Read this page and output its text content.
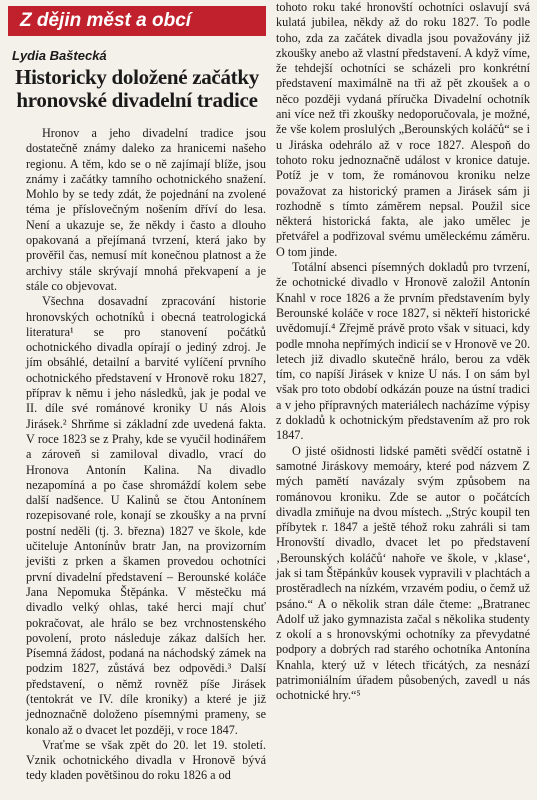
Z dějin měst a obcí
Lydia Baštecká
Historicky doložené začátky hronovské divadelní tradice

Hronov a jeho divadelní tradice jsou dostatečně známy daleko za hranicemi našeho regionu. A těm, kdo se o ně zajímají blíže, jsou známy i začátky tamního ochotnického snažení. Mohlo by se tedy zdát, že pojednání na zvolené téma je příslovečným nošením dříví do lesa. Není a ukazuje se, že někdy i často a dlouho opakovaná a přejímaná tvrzení, která jako by prověřil čas, nemusí mít konečnou platnost a že archivy stále skrývají mnohá překvapení a je stále co objevovat.

Všechna dosavadní zpracování historie hronovských ochotníků i obecná teatrologická literatura¹ se pro stanovení počátků ochotnického divadla opírají o jediný zdroj. Je jím obsáhlé, detailní a barvité vylíčení prvního ochotnického představení v Hronově roku 1827, příprav k němu i jeho následků, jak je podal ve II. díle své románové kroniky U nás Alois Jirásek.² Shrňme si základní zde uvedená fakta. V roce 1823 se z Prahy, kde se vyučil hodinářem a zároveň si zamiloval divadlo, vrací do Hronova Antonín Kalina. Na divadlo nezapomíná a po čase shromáždí kolem sebe další nadšence. U Kalinů se čtou Antonínem rozepisované role, konají se zkoušky a na první postní neděli (tj. 3. března) 1827 ve škole, kde učiteluje Antonínův bratr Jan, na provizorním jevišti z prken a škamen provedou ochotníci první divadelní představení – Berounské koláče Jana Nepomuka Štěpánka. V městečku má divadlo velký ohlas, také herci mají chuť pokračovat, ale hrálo se bez vrchnostenského povolení, proto následuje zákaz dalších her. Písemná žádost, podaná na náchodský zámek na podzim 1827, zůstává bez odpovědi.³ Další představení, o němž rovněž píše Jirásek (tentokrát ve IV. díle kroniky) a které je již jednoznačně doloženo písemnými prameny, se konalo až o dvacet let později, v roce 1847.

Vraťme se však zpět do 20. let 19. století. Vznik ochotnického divadla v Hronově bývá tedy kladen povětšinou do roku 1826 a od

tohoto roku také hronovští ochotníci oslavují svá kulatá jubilea, někdy až do roku 1827. To podle toho, zda za začátek divadla jsou považovány již zkoušky anebo až vlastní představení. A když víme, že tehdejší ochotníci se scházeli pro konkrétní představení maximálně na tři až pět zkoušek a o něco později vydaná příručka Divadelní ochotník ani více než tři zkoušky nedoporučovala, je možné, že vše kolem proslulých „Berounských koláčů“ se i u Jiráska odehrálo až v roce 1827. Alespoň do tohoto roku jednoznačně událost v kronice datuje. Potíž je v tom, že románovou kroniku nelze považovat za historický pramen a Jirásek sám ji rozhodně s tímto záměrem nepsal. Použil sice některá historická fakta, ale jako umělec je přetvářel a podřizoval svému uměleckému záměru. O tom jinde.

Totální absenci písemných dokladů pro tvrzení, že ochotnické divadlo v Hronově založil Antonín Knahl v roce 1826 a že prvním představením byly Berounské koláče v roce 1827, si někteří historické uvědomují.⁴ Zřejmě právě proto však v situaci, kdy podle mnoha nepřímých indicií se v Hronově ve 20. letech již divadlo skutečně hrálo, berou za vděk tím, co napíší Jirásek v knize U nás. I on sám byl však pro toto období odkázán pouze na ústní tradici a v jeho přípravných materiálech nacházíme výpisy z dokladů k ochotnickým představením až pro rok 1847.

O jisté ošidnosti lidské paměti svědčí ostatně i samotné Jiráskovy memoáry, které pod názvem Z mých pamětí navázaly svým způsobem na románovou kroniku. Zde se autor o počátcích divadla zmiňuje na dvou místech. „Strýc koupil ten příbytek r. 1847 a ještě téhož roku zahráli si tam Hronovští divadlo, dvacet let po představení ‚Berounských koláčů‘ nahoře ve škole, v ‚klase‘, jak si tam Štěpánkův kousek vypravili v plachtách a prostěradlech na nízkém, vrzavém podiu, o čemž už psáno.“ A o několik stran dále čteme: „Bratranec Adolf už jako gymnazista začal s několika studenty z okolí a s hronovskými ochotníky za převydatné podpory a dobrých rad starého ochotníka Antonína Knahla, který už v létech třicátých, za nesnází patrimoniálním úřadem působených, zavedl u nás ochotnické hry.“⁵
